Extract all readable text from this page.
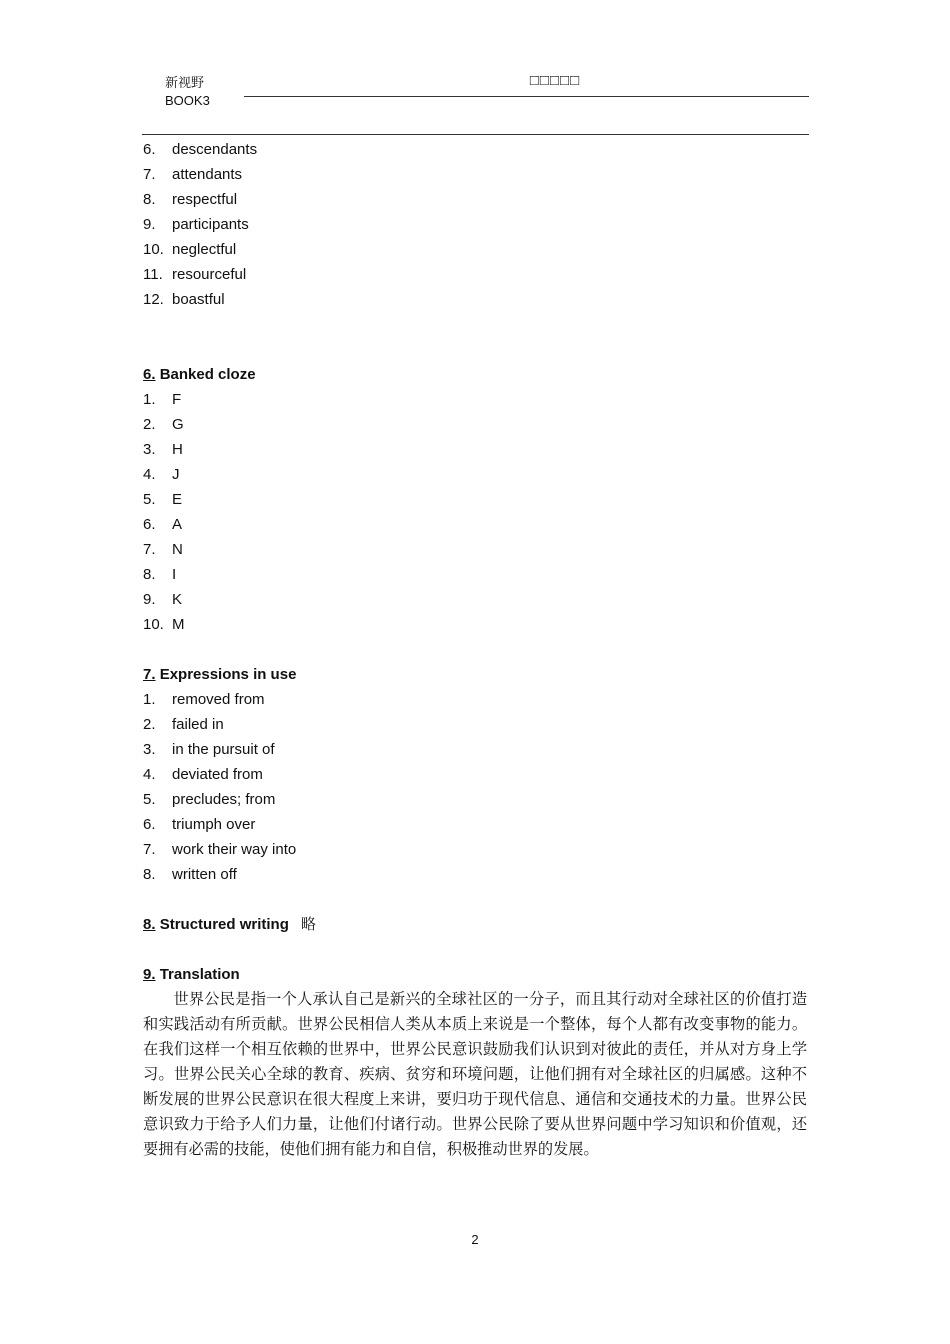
新视野
BOOK3
□□□□□
6.	descendants
7.	attendants
8.	respectful
9.	participants
10. neglectful
11. resourceful
12. boastful
6. Banked cloze
1.	F
2.	G
3.	H
4.	J
5.	E
6.	A
7.	N
8.	I
9.	K
10. M
7. Expressions in use
1.	removed from
2.	failed in
3.	in the pursuit of
4.	deviated from
5.	precludes; from
6.	triumph over
7.	work their way into
8.	written off
8. Structured writing 略
9. Translation

世界公民是指一个人承认自己是新兴的全球社区的一分子，而且其行动对全球社区的价值打造和实践活动有所贡献。世界公民相信人类从本质上来说是一个整体，每个人都有改变事物的能力。在我们这样一个相互依赖的世界中，世界公民意识鼓励我们认识到对彼此的责任，并从对方身上学习。世界公民关心全球的教育、疾病、贫穷和环境问题，让他们拥有对全球社区的归属感。这种不断发展的世界公民意识在很大程度上来讲，要归功于现代信息、通信和交通技术的力量。世界公民意识致力于给予人们力量，让他们付诸行动。世界公民除了要从世界问题中学习知识和价值观，还要拥有必需的技能，使他们拥有能力和自信，积极推动世界的发展。

2
